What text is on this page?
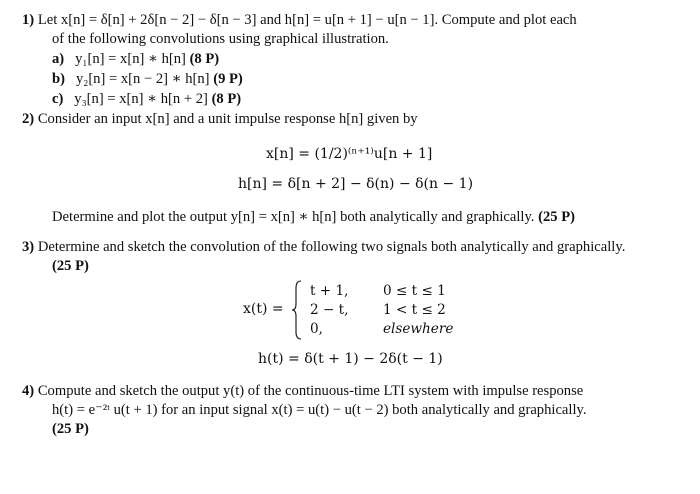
1) Let x[n] = δ[n] + 2δ[n − 2] − δ[n − 3] and h[n] = u[n + 1] − u[n − 1]. Compute and plot each
of the following convolutions using graphical illustration.
a) y₁[n] = x[n] ∗ h[n] (8 P)
b) y₂[n] = x[n − 2] ∗ h[n] (9 P)
c) y₃[n] = x[n] ∗ h[n + 2] (8 P)
2) Consider an input x[n] and a unit impulse response h[n] given by
x[n] = (1/2)⁽ⁿ⁺¹⁾u[n + 1]
h[n] = δ[n + 2] − δ(n) − δ(n − 1)
Determine and plot the output y[n] = x[n] ∗ h[n] both analytically and graphically. (25 P)
3) Determine and sketch the convolution of the following two signals both analytically and graphically.
(25 P)
x(t) =
t + 1,	0 ≤ t ≤ 1
2 − t,	1 < t ≤ 2
0,	elsewhere
h(t) = δ(t + 1) − 2δ(t − 1)
4) Compute and sketch the output y(t) of the continuous-time LTI system with impulse response
h(t) = e⁻²ᵗ u(t + 1) for an input signal x(t) = u(t) − u(t − 2) both analytically and graphically.
(25 P)
